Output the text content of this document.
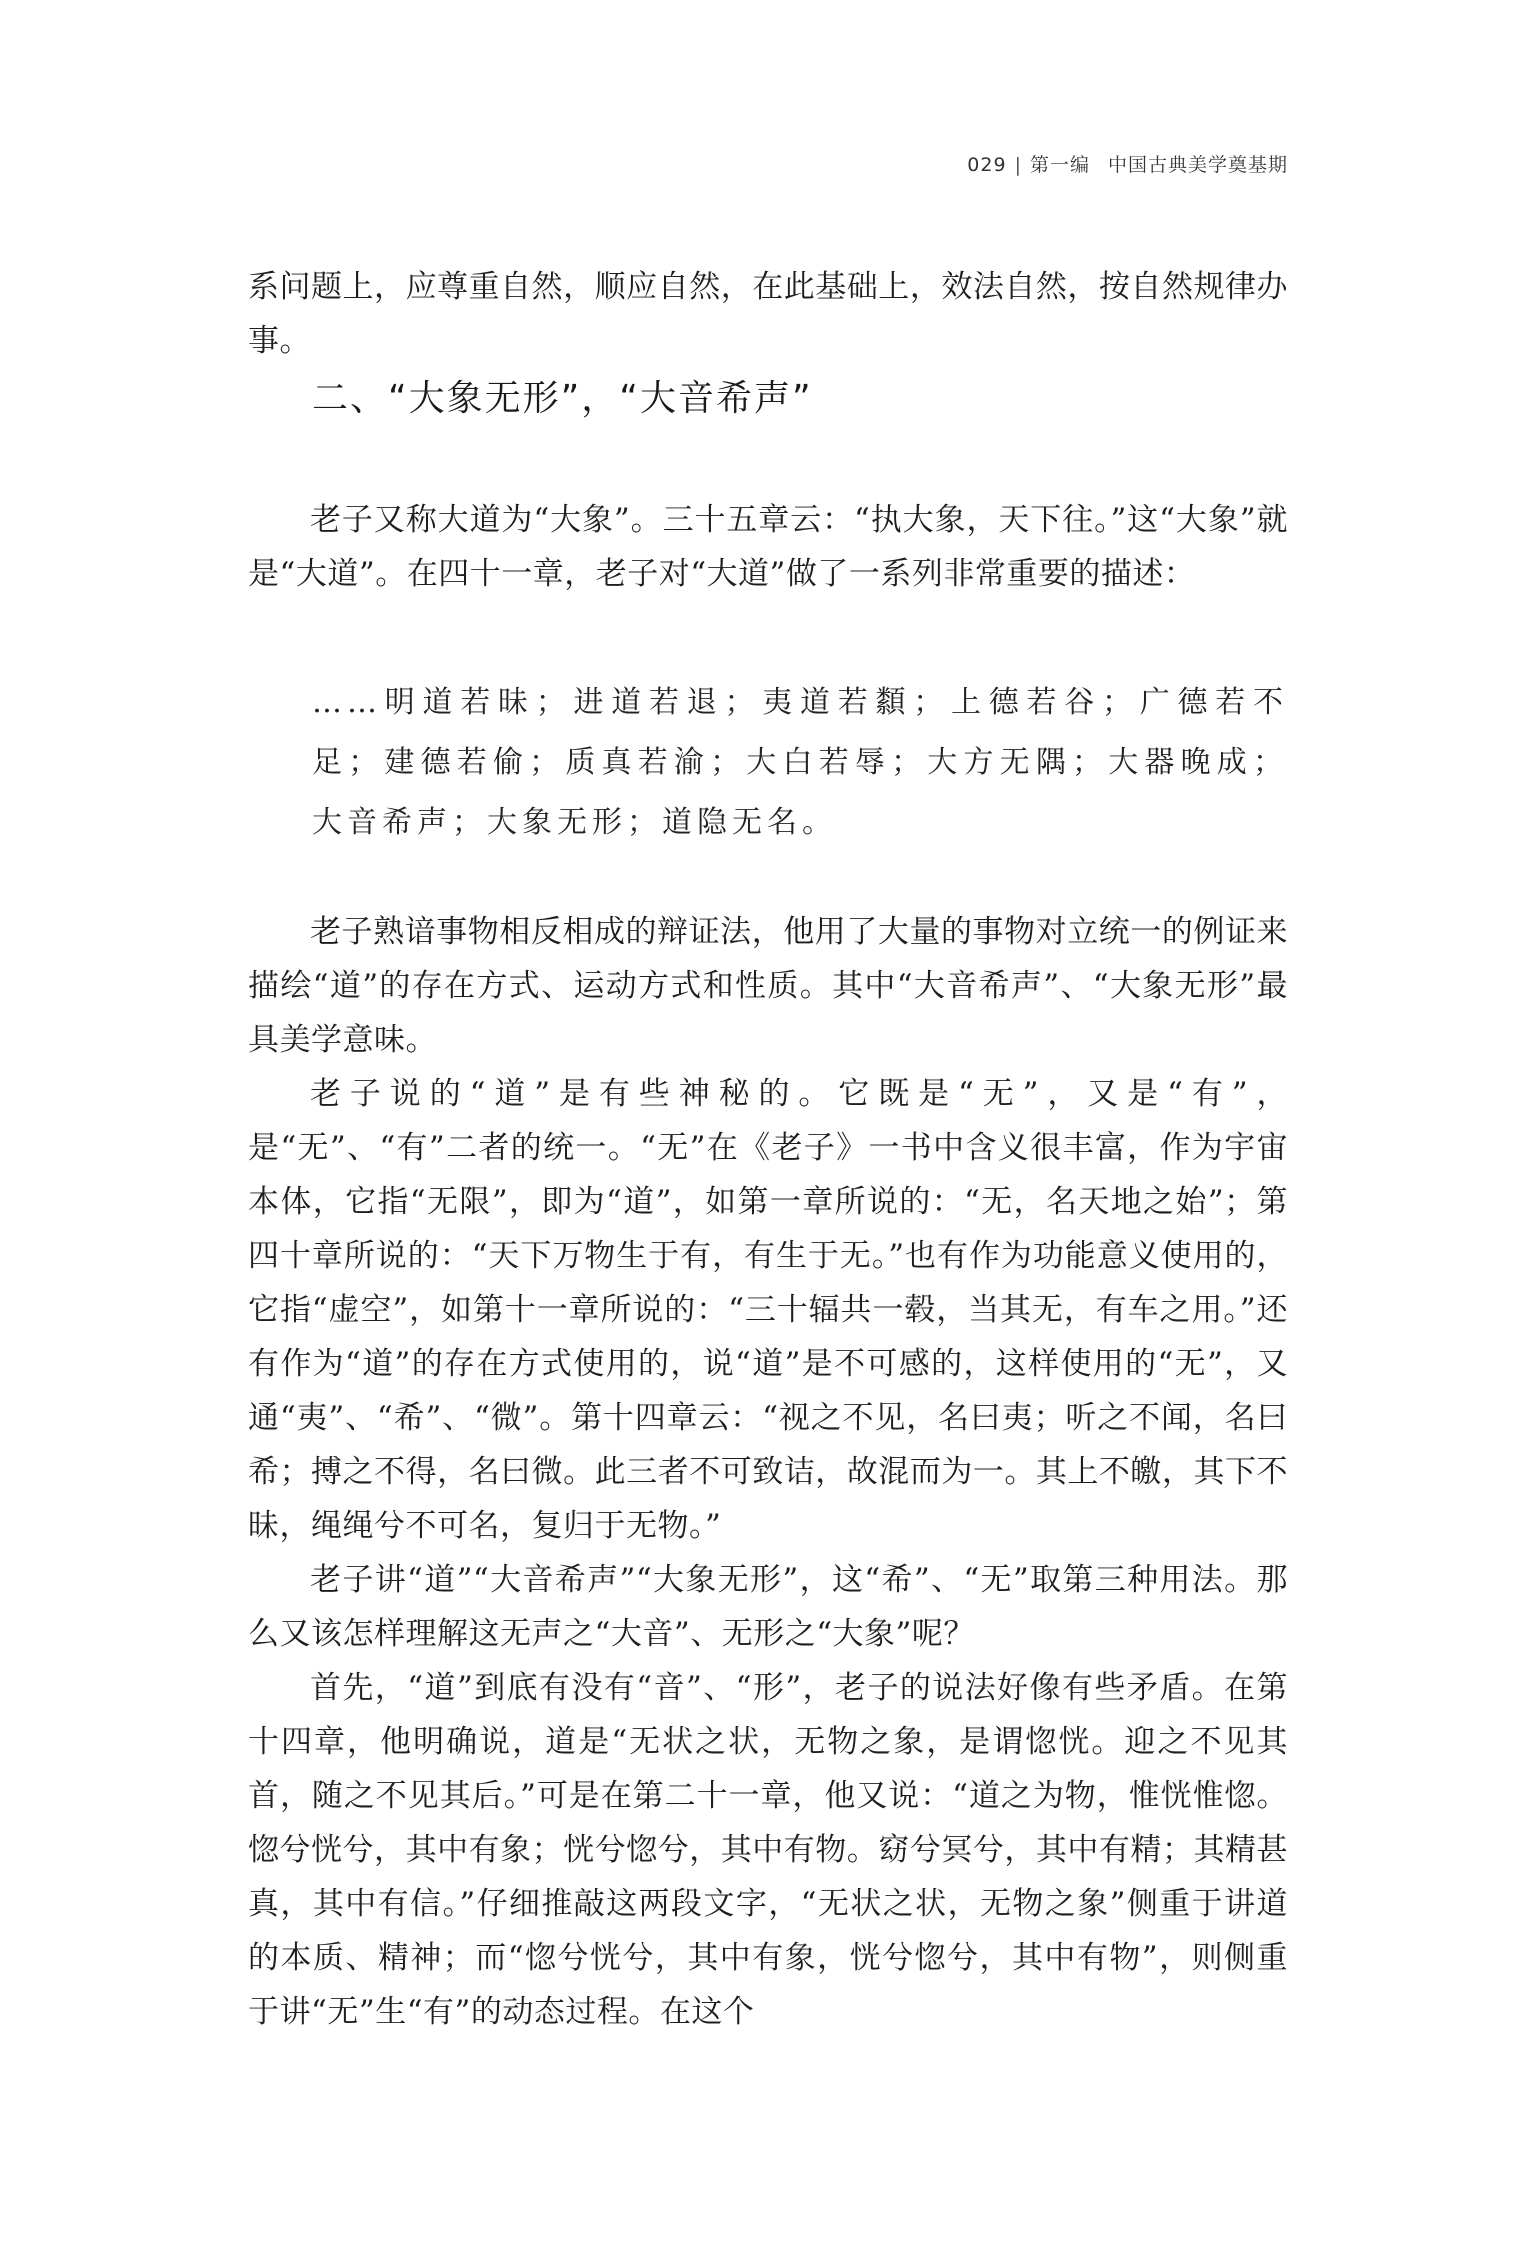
029 | 第一编 中国古典美学奠基期

系问题上，应尊重自然，顺应自然，在此基础上，效法自然，按自然规律办事。

二、“大象无形”，“大音希声”

老子又称大道为“大象”。三十五章云：“执大象，天下往。”这“大象”就是“大道”。在四十一章，老子对“大道”做了一系列非常重要的描述：

……明道若昧；进道若退；夷道若纇；上德若谷；广德若不足；建德若偷；质真若渝；大白若辱；大方无隅；大器晚成；大音希声；大象无形；道隐无名。

老子熟谙事物相反相成的辩证法，他用了大量的事物对立统一的例证来描绘“道”的存在方式、运动方式和性质。其中“大音希声”、“大象无形”最具美学意味。

老子说的“道”是有些神秘的。它既是“无”，又是“有”，是“无”、“有”二者的统一。“无”在《老子》一书中含义很丰富，作为宇宙本体，它指“无限”，即为“道”，如第一章所说的：“无，名天地之始”；第四十章所说的：“天下万物生于有，有生于无。”也有作为功能意义使用的，它指“虚空”，如第十一章所说的：“三十辐共一毂，当其无，有车之用。”还有作为“道”的存在方式使用的，说“道”是不可感的，这样使用的“无”，又通“夷”、“希”、“微”。第十四章云：“视之不见，名曰夷；听之不闻，名曰希；搏之不得，名曰微。此三者不可致诘，故混而为一。其上不皦，其下不昧，绳绳兮不可名，复归于无物。”

老子讲“道”“大音希声”“大象无形”，这“希”、“无”取第三种用法。那么又该怎样理解这无声之“大音”、无形之“大象”呢？

首先，“道”到底有没有“音”、“形”，老子的说法好像有些矛盾。在第十四章，他明确说，道是“无状之状，无物之象，是谓惚恍。迎之不见其首，随之不见其后。”可是在第二十一章，他又说：“道之为物，惟恍惟惚。惚兮恍兮，其中有象；恍兮惚兮，其中有物。窈兮冥兮，其中有精；其精甚真，其中有信。”仔细推敲这两段文字，“无状之状，无物之象”侧重于讲道的本质、精神；而“惚兮恍兮，其中有象，恍兮惚兮，其中有物”，则侧重于讲“无”生“有”的动态过程。在这个
